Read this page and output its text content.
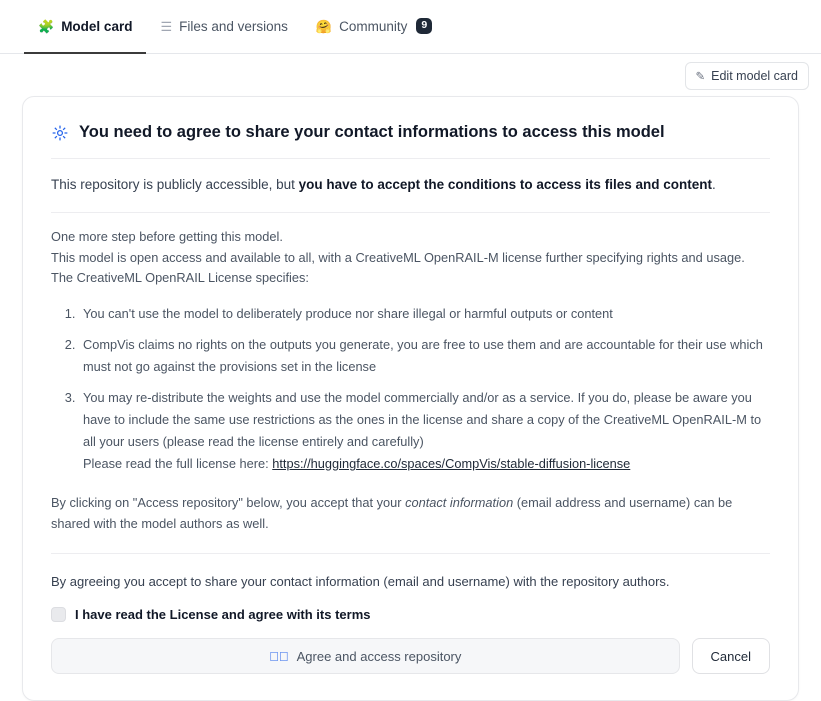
🧩 Model card ☰ Files and versions 🤗 Community	9
✎ Edit model card
You need to agree to share your contact informations to access this model

This repository is publicly accessible, but you have to accept the conditions to access its files and content.

One more step before getting this model.

This model is open access and available to all, with a CreativeML OpenRAIL-M license further specifying rights and usage.

The CreativeML OpenRAIL License specifies:

1. You can't use the model to deliberately produce nor share illegal or harmful outputs or content
2. CompVis claims no rights on the outputs you generate, you are free to use them and are accountable for their use which must not go against the provisions set in the license
3. You may re-distribute the weights and use the model commercially and/or as a service. If you do, please be aware you have to include the same use restrictions as the ones in the license and share a copy of the CreativeML OpenRAIL-M to all your users (please read the license entirely and carefully)
Please read the full license here: https://huggingface.co/spaces/CompVis/stable-diffusion-license

By clicking on "Access repository" below, you accept that your contact information (email address and username) can be shared with the model authors as well.

By agreeing you accept to share your contact information (email and username) with the repository authors.

I have read the License and agree with its terms
✓⃝ Agree and access repository	Cancel
